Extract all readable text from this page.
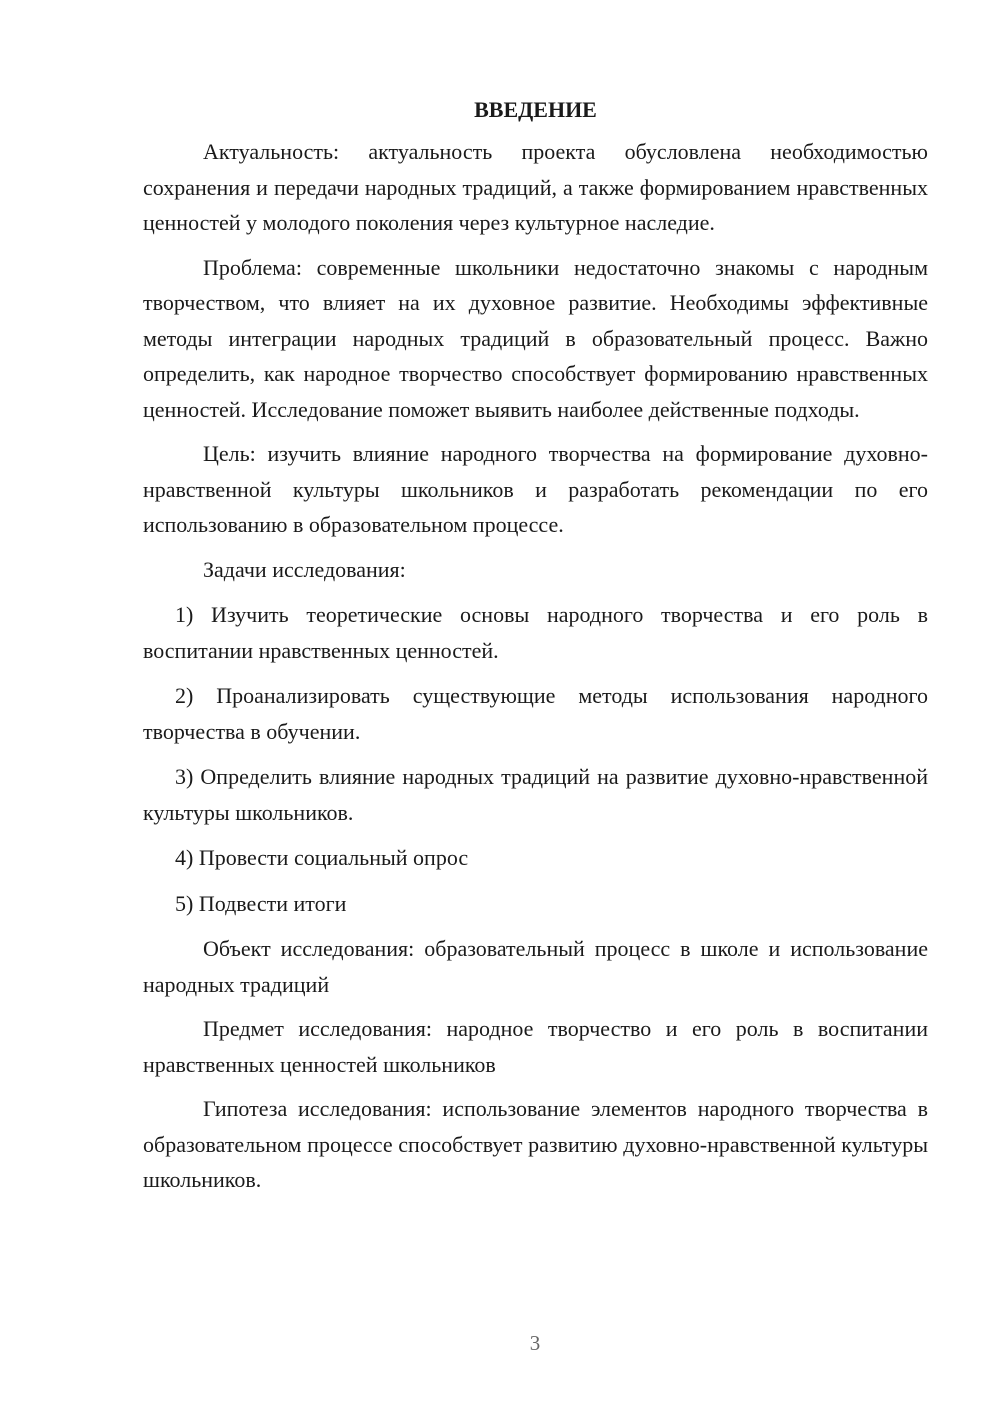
ВВЕДЕНИЕ

Актуальность: актуальность проекта обусловлена необходимостью сохранения и передачи народных традиций, а также формированием нравственных ценностей у молодого поколения через культурное наследие.

Проблема: современные школьники недостаточно знакомы с народным творчеством, что влияет на их духовное развитие. Необходимы эффективные методы интеграции народных традиций в образовательный процесс. Важно определить, как народное творчество способствует формированию нравственных ценностей. Исследование поможет выявить наиболее действенные подходы.

Цель: изучить влияние народного творчества на формирование духовно-нравственной культуры школьников и разработать рекомендации по его использованию в образовательном процессе.

Задачи исследования:

1) Изучить теоретические основы народного творчества и его роль в воспитании нравственных ценностей.

2) Проанализировать существующие методы использования народного творчества в обучении.

3) Определить влияние народных традиций на развитие духовно-нравственной культуры школьников.

4) Провести социальный опрос

5) Подвести итоги

Объект исследования: образовательный процесс в школе и использование народных традиций

Предмет исследования: народное творчество и его роль в воспитании нравственных ценностей школьников

Гипотеза исследования: использование элементов народного творчества в образовательном процессе способствует развитию духовно-нравственной культуры школьников.

3
